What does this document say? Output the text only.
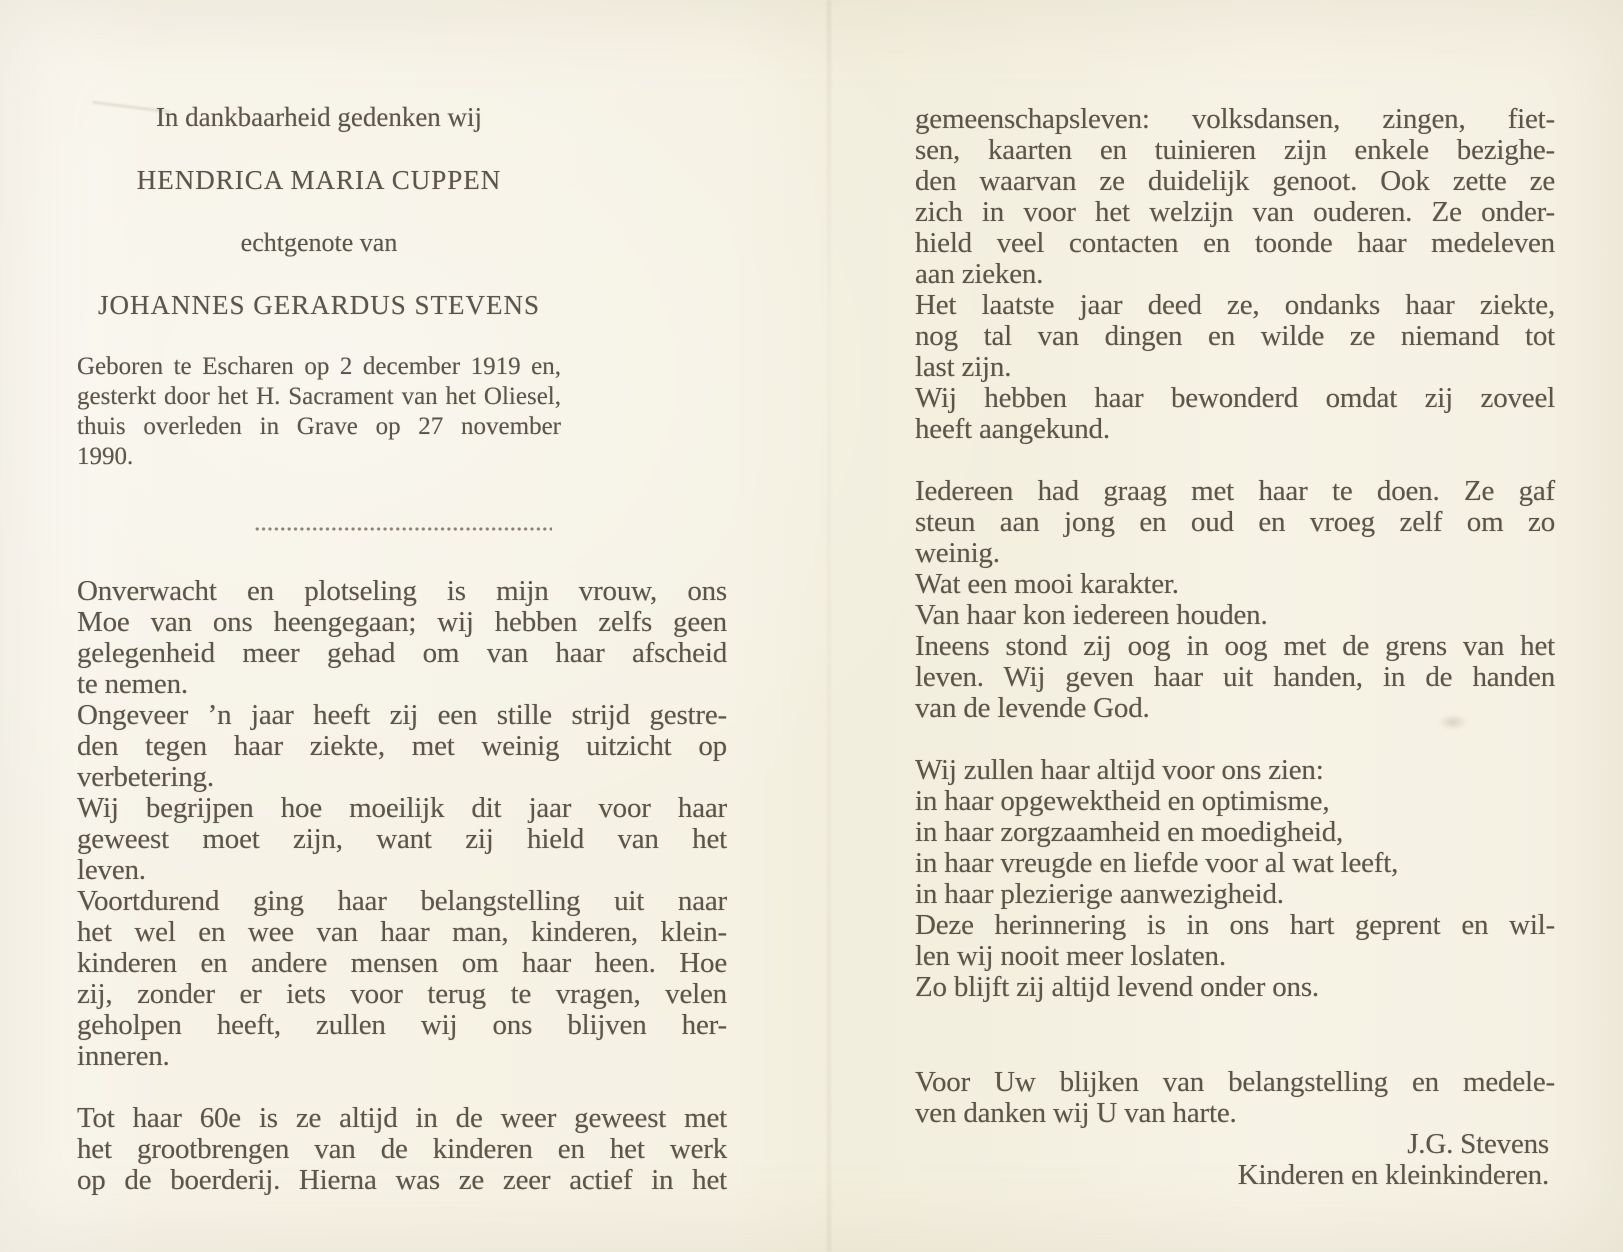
In dankbaarheid gedenken wij
HENDRICA MARIA CUPPEN
echtgenote van
JOHANNES GERARDUS STEVENS
Geboren te Escharen op 2 december 1919 en,
gesterkt door het H. Sacrament van het Oliesel,
thuis overleden in Grave op 27 november
1990.
Onverwacht en plotseling is mijn vrouw, ons
Moe van ons heengegaan; wij hebben zelfs geen
gelegenheid meer gehad om van haar afscheid
te nemen.
Ongeveer ’n jaar heeft zij een stille strijd gestre-
den tegen haar ziekte, met weinig uitzicht op
verbetering.
Wij begrijpen hoe moeilijk dit jaar voor haar
geweest moet zijn, want zij hield van het
leven.
Voortdurend ging haar belangstelling uit naar
het wel en wee van haar man, kinderen, klein-
kinderen en andere mensen om haar heen. Hoe
zij, zonder er iets voor terug te vragen, velen
geholpen heeft, zullen wij ons blijven her-
inneren.
Tot haar 60e is ze altijd in de weer geweest met
het grootbrengen van de kinderen en het werk
op de boerderij. Hierna was ze zeer actief in het
gemeenschapsleven: volksdansen, zingen, fiet-
sen, kaarten en tuinieren zijn enkele bezighe-
den waarvan ze duidelijk genoot. Ook zette ze
zich in voor het welzijn van ouderen. Ze onder-
hield veel contacten en toonde haar medeleven
aan zieken.
Het laatste jaar deed ze, ondanks haar ziekte,
nog tal van dingen en wilde ze niemand tot
last zijn.
Wij hebben haar bewonderd omdat zij zoveel
heeft aangekund.
Iedereen had graag met haar te doen. Ze gaf
steun aan jong en oud en vroeg zelf om zo
weinig.
Wat een mooi karakter.
Van haar kon iedereen houden.
Ineens stond zij oog in oog met de grens van het
leven. Wij geven haar uit handen, in de handen
van de levende God.
Wij zullen haar altijd voor ons zien:
in haar opgewektheid en optimisme,
in haar zorgzaamheid en moedigheid,
in haar vreugde en liefde voor al wat leeft,
in haar plezierige aanwezigheid.
Deze herinnering is in ons hart geprent en wil-
len wij nooit meer loslaten.
Zo blijft zij altijd levend onder ons.
Voor Uw blijken van belangstelling en medele-
ven danken wij U van harte.
J.G. Stevens
Kinderen en kleinkinderen.
